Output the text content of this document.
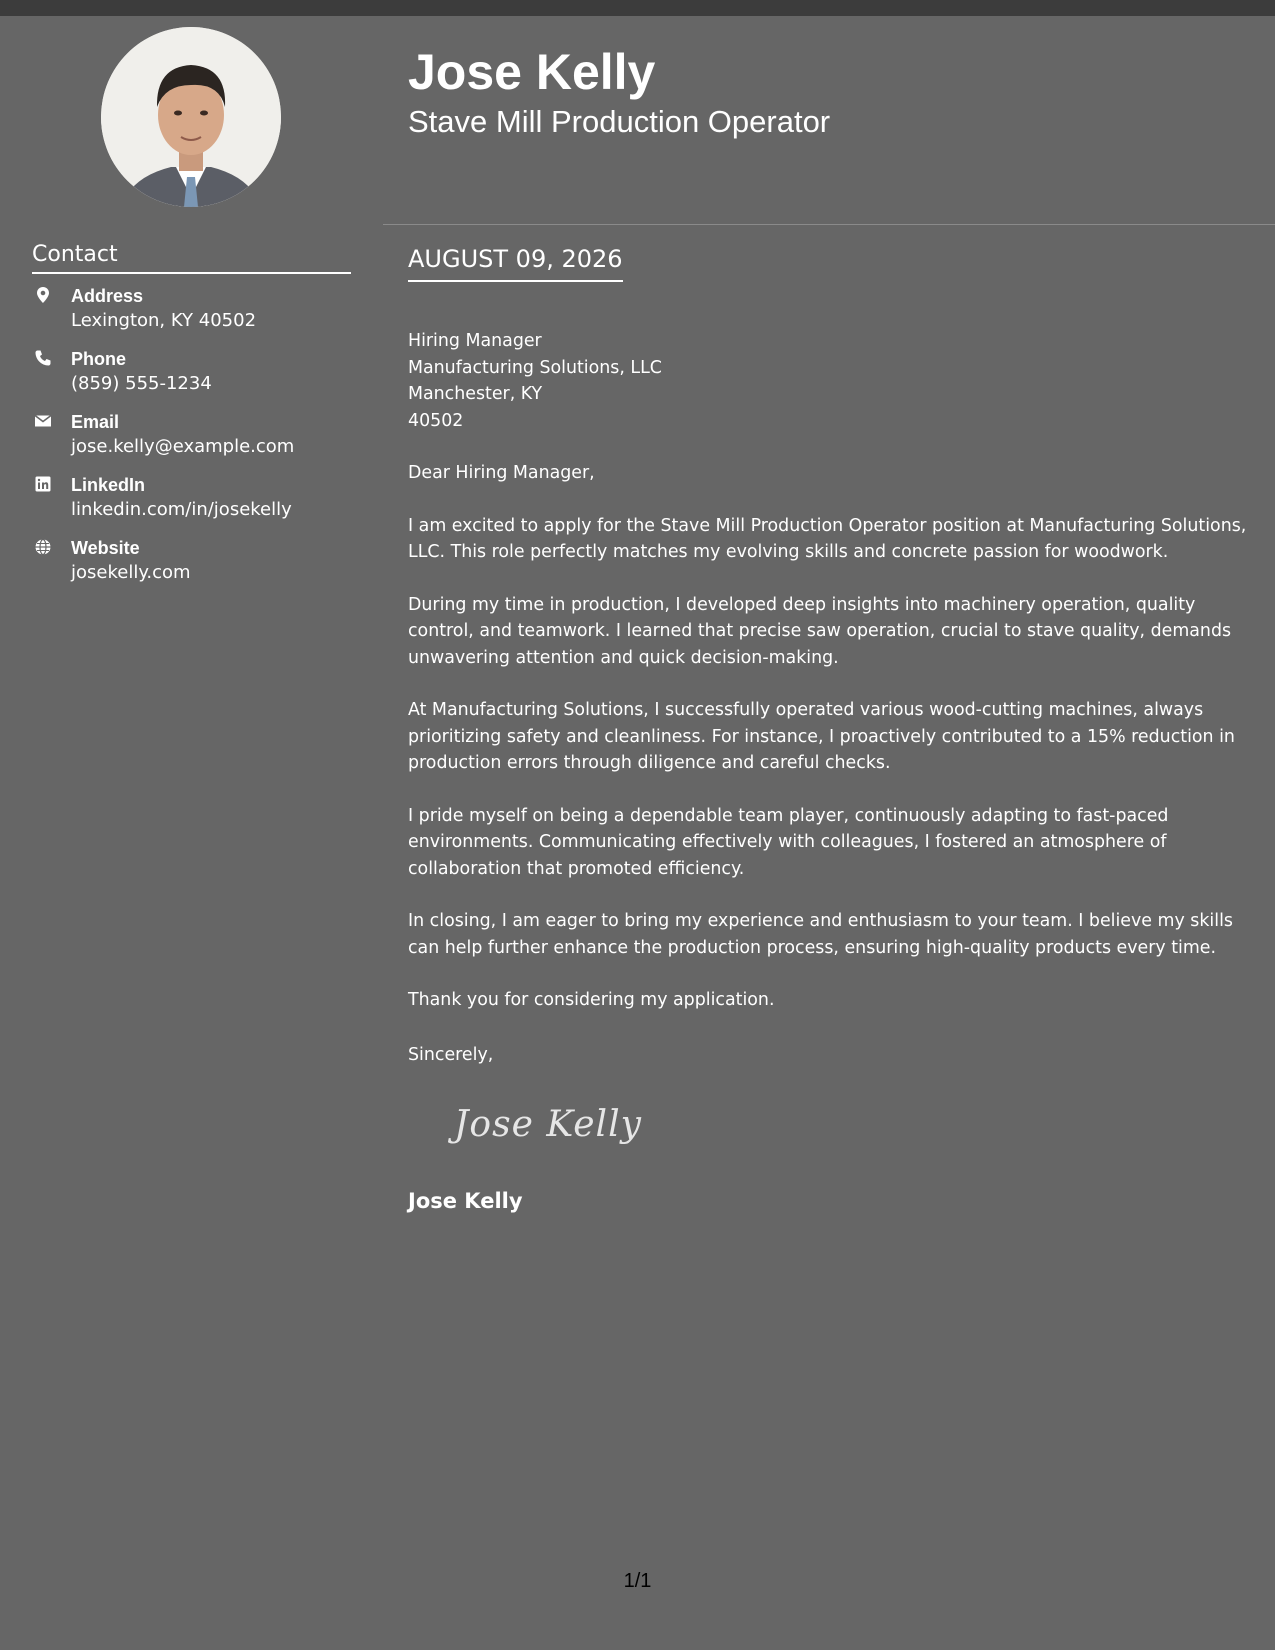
Contact
Address
Lexington, KY 40502
Phone
(859) 555-1234
Email
jose.kelly@example.com
LinkedIn
linkedin.com/in/josekelly
Website
josekelly.com
Jose Kelly
Stave Mill Production Operator
AUGUST 09, 2026

Hiring Manager
Manufacturing Solutions, LLC
Manchester, KY
40502

Dear Hiring Manager,

I am excited to apply for the Stave Mill Production Operator position at Manufacturing Solutions, LLC. This role perfectly matches my evolving skills and concrete passion for woodwork.

During my time in production, I developed deep insights into machinery operation, quality control, and teamwork. I learned that precise saw operation, crucial to stave quality, demands unwavering attention and quick decision-making.

At Manufacturing Solutions, I successfully operated various wood-cutting machines, always prioritizing safety and cleanliness. For instance, I proactively contributed to a 15% reduction in production errors through diligence and careful checks.

I pride myself on being a dependable team player, continuously adapting to fast-paced environments. Communicating effectively with colleagues, I fostered an atmosphere of collaboration that promoted efficiency.

In closing, I am eager to bring my experience and enthusiasm to your team. I believe my skills can help further enhance the production process, ensuring high-quality products every time.

Thank you for considering my application.

Sincerely,
Jose Kelly
Jose Kelly
1/1
